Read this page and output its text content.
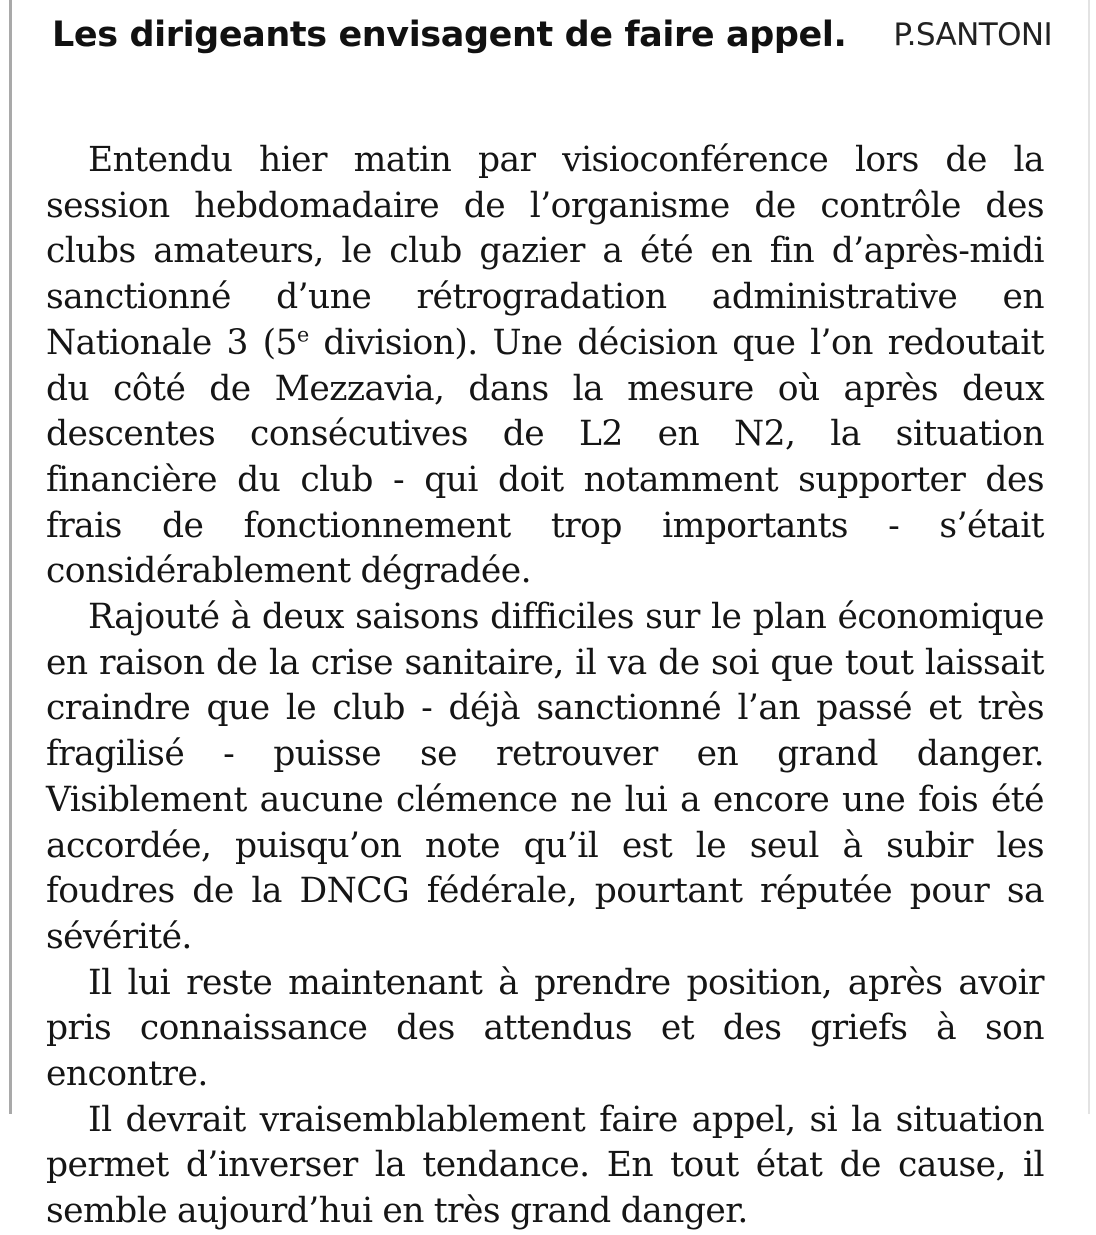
Les dirigeants envisagent de faire appel. P.SANTONI

Entendu hier matin par visioconférence lors de la session hebdomadaire de l’organisme de contrôle des clubs amateurs, le club gazier a été en fin d’après-midi sanctionné d’une rétrogradation administrative en Nationale 3 (5e division). Une décision que l’on redoutait du côté de Mezzavia, dans la mesure où après deux descentes consécutives de L2 en N2, la situation financière du club - qui doit notamment supporter des frais de fonctionnement trop importants - s’était considérablement dégradée.

Rajouté à deux saisons difficiles sur le plan économique en raison de la crise sanitaire, il va de soi que tout laissait craindre que le club - déjà sanctionné l’an passé et très fragilisé - puisse se retrouver en grand danger. Visiblement aucune clémence ne lui a encore une fois été accordée, puisqu’on note qu’il est le seul à subir les foudres de la DNCG fédérale, pourtant réputée pour sa sévérité.

Il lui reste maintenant à prendre position, après avoir pris connaissance des attendus et des griefs à son encontre.

Il devrait vraisemblablement faire appel, si la situation permet d’inverser la tendance. En tout état de cause, il semble aujourd’hui en très grand danger.
